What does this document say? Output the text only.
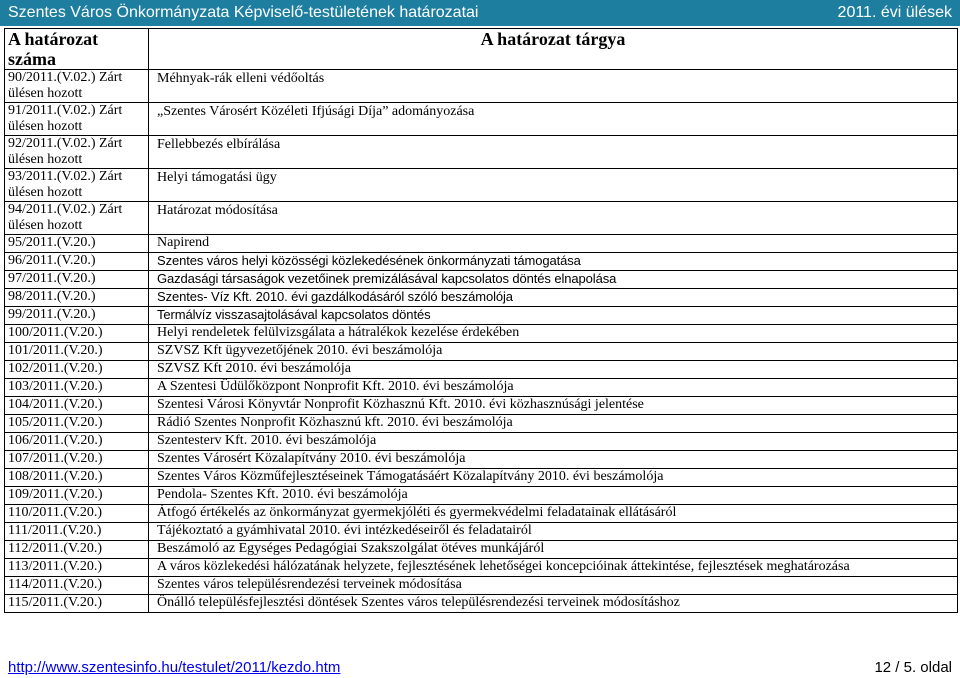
Szentes Város Önkormányzata Képviselő-testületének határozatai	2011. évi ülések
A határozat száma	A határozat tárgya
90/2011.(V.02.) Zárt ülésen hozott	Méhnyak-rák elleni védőoltás

91/2011.(V.02.) Zárt ülésen hozott	„Szentes Városért Közéleti Ifjúsági Díja” adományozása

92/2011.(V.02.) Zárt ülésen hozott	Fellebbezés elbírálása

93/2011.(V.02.) Zárt ülésen hozott	Helyi támogatási ügy

94/2011.(V.02.) Zárt ülésen hozott	Határozat módosítása

95/2011.(V.20.)	Napirend
96/2011.(V.20.)	Szentes város helyi közösségi közlekedésének önkormányzati támogatása
97/2011.(V.20.)	Gazdasági társaságok vezetőinek premizálásával kapcsolatos döntés elnapolása
98/2011.(V.20.)	Szentes- Víz Kft. 2010. évi gazdálkodásáról szóló beszámolója
99/2011.(V.20.)	Termálvíz visszasajtolásával kapcsolatos döntés
100/2011.(V.20.)	Helyi rendeletek felülvizsgálata a hátralékok kezelése érdekében
101/2011.(V.20.)	SZVSZ Kft ügyvezetőjének 2010. évi beszámolója
102/2011.(V.20.)	SZVSZ Kft 2010. évi beszámolója
103/2011.(V.20.)	A Szentesi Üdülőközpont Nonprofit Kft. 2010. évi beszámolója
104/2011.(V.20.)	Szentesi Városi Könyvtár Nonprofit Közhasznú Kft. 2010. évi közhasznúsági jelentése
105/2011.(V.20.)	Rádió Szentes Nonprofit Közhasznú kft. 2010. évi beszámolója
106/2011.(V.20.)	Szentesterv Kft. 2010. évi beszámolója
107/2011.(V.20.)	Szentes Városért Közalapítvány 2010. évi beszámolója
108/2011.(V.20.)	Szentes Város Közműfejlesztéseinek Támogatásáért Közalapítvány 2010. évi beszámolója
109/2011.(V.20.)	Pendola- Szentes Kft. 2010. évi beszámolója
110/2011.(V.20.)	Átfogó értékelés az önkormányzat gyermekjóléti és gyermekvédelmi feladatainak ellátásáról
111/2011.(V.20.)	Tájékoztató a gyámhivatal 2010. évi intézkedéseiről és feladatairól
112/2011.(V.20.)	Beszámoló az Egységes Pedagógiai Szakszolgálat ötéves munkájáról
113/2011.(V.20.)	A város közlekedési hálózatának helyzete, fejlesztésének lehetőségei koncepcióinak áttekintése, fejlesztések meghatározása
114/2011.(V.20.)	Szentes város településrendezési terveinek módosítása
115/2011.(V.20.)	Önálló településfejlesztési döntések Szentes város településrendezési terveinek módosításhoz
http://www.szentesinfo.hu/testulet/2011/kezdo.htm	12 / 5. oldal
